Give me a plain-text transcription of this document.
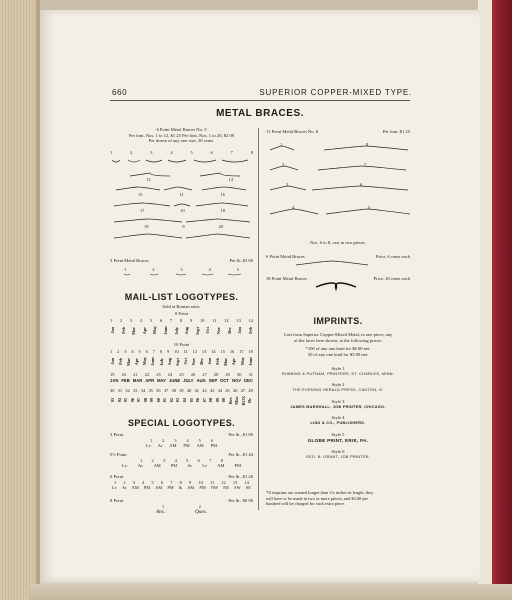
660	SUPERIOR COPPER-MIXED TYPE.
METAL BRACES.
6 Point Metal Braces No. 5
Per font, Nos. 1 to 12, $1 25 Per font, Nos. 1 to 20, $2 00
Per dozen of any one size, 30 cents.
1	2	3	4	5	6	7	8
13	14
15	11	16
17	10	18
19	9	20
3 Point Metal Braces	Per lb. $3 00
1	2	3	4	5
MAIL-LIST LOGOTYPES.
Sold at Roman rates.
8 Point
1 2 3 4 5 6 7 8 9 10 11 12 13 14
Jan Feb Mar Apr May June July Aug Sept Oct Nov Dec Jan Feb
10 Point
1 2 3 4 5 6 7 8 9 10 11 12 13 14 15 16 17 18
Jan Feb Mar Apr May June July Aug Sept Oct Nov Dec Jan Feb Mar Apr May June
19 20 21 22 23 24 25 26 27 28 29 30 31
JAN FEB MAR APR MAY JUNE JULY AUG SEP OCT NOV DEC
30 31 32 33 34 35 36 37 38 39 40 41 42 43 44 45 46 47 48
93 94 95 96 97 98 99 00 01 02 03 04 05 06 07 08 99 00 Rev Misc BOX Dr
SPECIAL LOGOTYPES.
3 Point	Per lb., $1 80
1 2 3 4 5 6
Lv Ar AM PM AM PM
5½ Point	Per lb., $1 44
1 2 3 4 5 6 7 8
Lv. Ar. AM PM Ar Lv AM PM
6 Point	Per lb., $1 26
1 2 3 4 5 6 7 8 9 10 11 12 13 14
Lv Ar AM PM AM PM & AM PM NW NE SW SE
8 Point	Per lb., $0 90
1	2
Ans.	Ques.
11 Point Metal Braces No. 6	Per font, $1 25
1	8
2	7
3	6
4	5
Nos. 6 to 8, cast in two pieces.
6 Point Metal Braces	Price, 6 cents each
18 Point Metal Braces	Price, 20 cents each
IMPRINTS.
Cast from Superior Copper-Mixed Metal, in one piece, any
of the faces here shown, at the following prices:
*100 of any one kind for $6 00 net.
50 of any one kind for $5 00 net.
Style 1
ROBBINS & PUTNAM, PRINTERS, ST. CHARLES, MINN.
Style 2
THE EVENING HERALD PRESS, CANTON, O.
Style 3
JAMES MARSHALL, JOB PRINTER, CHICAGO.
Style 4
LIND & CO., PUBLISHERS.
Style 5
GLOBE PRINT, ERIE, PA.
Style 6
GEO. B. GRANT, JOB PRINTER.
*If imprints are wanted longer than 1¼ inches in length, they
will have to be made in two or more pieces, and $3.00 per
hundred will be charged for each extra piece.
